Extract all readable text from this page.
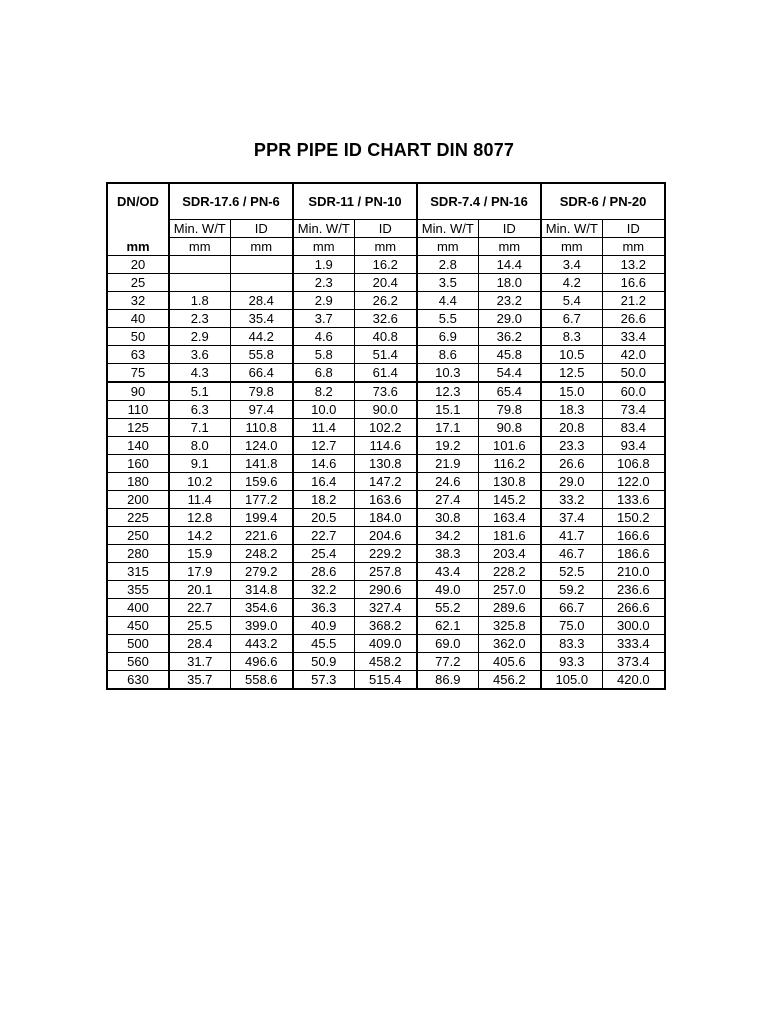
PPR PIPE ID CHART DIN 8077
DN/OD	SDR-17.6 / PN-6		SDR-11 / PN-10		SDR-7.4 / PN-16		SDR-6 / PN-20	
	Min. W/T	ID	Min. W/T	ID	Min. W/T	ID	Min. W/T	ID
mm	mm	mm	mm	mm	mm	mm	mm	mm
20			1.9	16.2	2.8	14.4	3.4	13.2
25			2.3	20.4	3.5	18.0	4.2	16.6
32	1.8	28.4	2.9	26.2	4.4	23.2	5.4	21.2
40	2.3	35.4	3.7	32.6	5.5	29.0	6.7	26.6
50	2.9	44.2	4.6	40.8	6.9	36.2	8.3	33.4
63	3.6	55.8	5.8	51.4	8.6	45.8	10.5	42.0
75	4.3	66.4	6.8	61.4	10.3	54.4	12.5	50.0
90	5.1	79.8	8.2	73.6	12.3	65.4	15.0	60.0
110	6.3	97.4	10.0	90.0	15.1	79.8	18.3	73.4
125	7.1	110.8	11.4	102.2	17.1	90.8	20.8	83.4
140	8.0	124.0	12.7	114.6	19.2	101.6	23.3	93.4
160	9.1	141.8	14.6	130.8	21.9	116.2	26.6	106.8
180	10.2	159.6	16.4	147.2	24.6	130.8	29.0	122.0
200	11.4	177.2	18.2	163.6	27.4	145.2	33.2	133.6
225	12.8	199.4	20.5	184.0	30.8	163.4	37.4	150.2
250	14.2	221.6	22.7	204.6	34.2	181.6	41.7	166.6
280	15.9	248.2	25.4	229.2	38.3	203.4	46.7	186.6
315	17.9	279.2	28.6	257.8	43.4	228.2	52.5	210.0
355	20.1	314.8	32.2	290.6	49.0	257.0	59.2	236.6
400	22.7	354.6	36.3	327.4	55.2	289.6	66.7	266.6
450	25.5	399.0	40.9	368.2	62.1	325.8	75.0	300.0
500	28.4	443.2	45.5	409.0	69.0	362.0	83.3	333.4
560	31.7	496.6	50.9	458.2	77.2	405.6	93.3	373.4
630	35.7	558.6	57.3	515.4	86.9	456.2	105.0	420.0
